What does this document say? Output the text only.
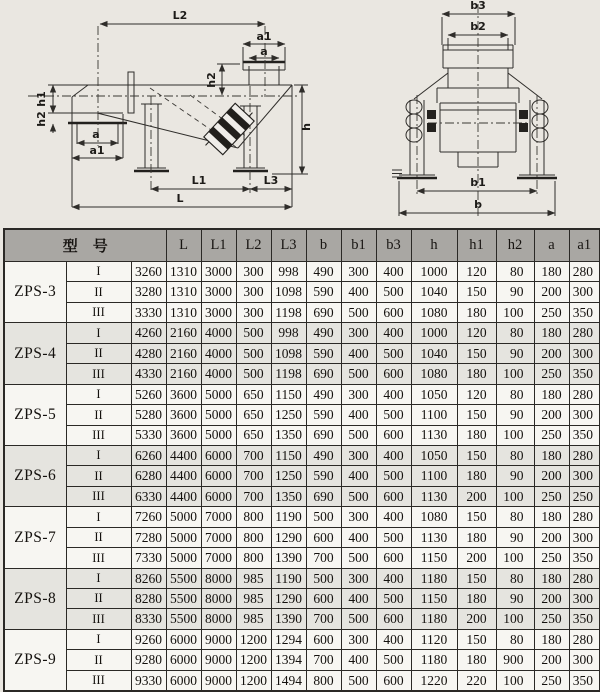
L2
a1
a
h2
h1
h2
h
a
a1
L1	L3
L
b3
b2
b1
b
型　号			L	L1	L2	L3	b	b1	b3	h	h1	h2	a	a1
ZPS-3	I	3260	1310	3000	300	998	490	300	400	1000	120	80	180	280
	II	3280	1310	3000	300	1098	590	400	500	1040	150	90	200	300
	III	3330	1310	3000	300	1198	690	500	600	1080	180	100	250	350
ZPS-4	I	4260	2160	4000	500	998	490	300	400	1000	120	80	180	280
	II	4280	2160	4000	500	1098	590	400	500	1040	150	90	200	300
	III	4330	2160	4000	500	1198	690	500	600	1080	180	100	250	350
ZPS-5	I	5260	3600	5000	650	1150	490	300	400	1050	120	80	180	280
	II	5280	3600	5000	650	1250	590	400	500	1100	150	90	200	300
	III	5330	3600	5000	650	1350	690	500	600	1130	180	100	250	350
ZPS-6	I	6260	4400	6000	700	1150	490	300	400	1050	150	80	180	280
	II	6280	4400	6000	700	1250	590	400	500	1100	180	90	200	300
	III	6330	4400	6000	700	1350	690	500	600	1130	200	100	250	250
ZPS-7	I	7260	5000	7000	800	1190	500	300	400	1080	150	80	180	280
	II	7280	5000	7000	800	1290	600	400	500	1130	180	90	200	300
	III	7330	5000	7000	800	1390	700	500	600	1150	200	100	250	350
ZPS-8	I	8260	5500	8000	985	1190	500	300	400	1180	150	80	180	280
	II	8280	5500	8000	985	1290	600	400	500	1150	180	90	200	300
	III	8330	5500	8000	985	1390	700	500	600	1180	200	100	250	350
ZPS-9	I	9260	6000	9000	1200	1294	600	300	400	1120	150	80	180	280
	II	9280	6000	9000	1200	1394	700	400	500	1180	180	900	200	300
	III	9330	6000	9000	1200	1494	800	500	600	1220	220	100	250	350
